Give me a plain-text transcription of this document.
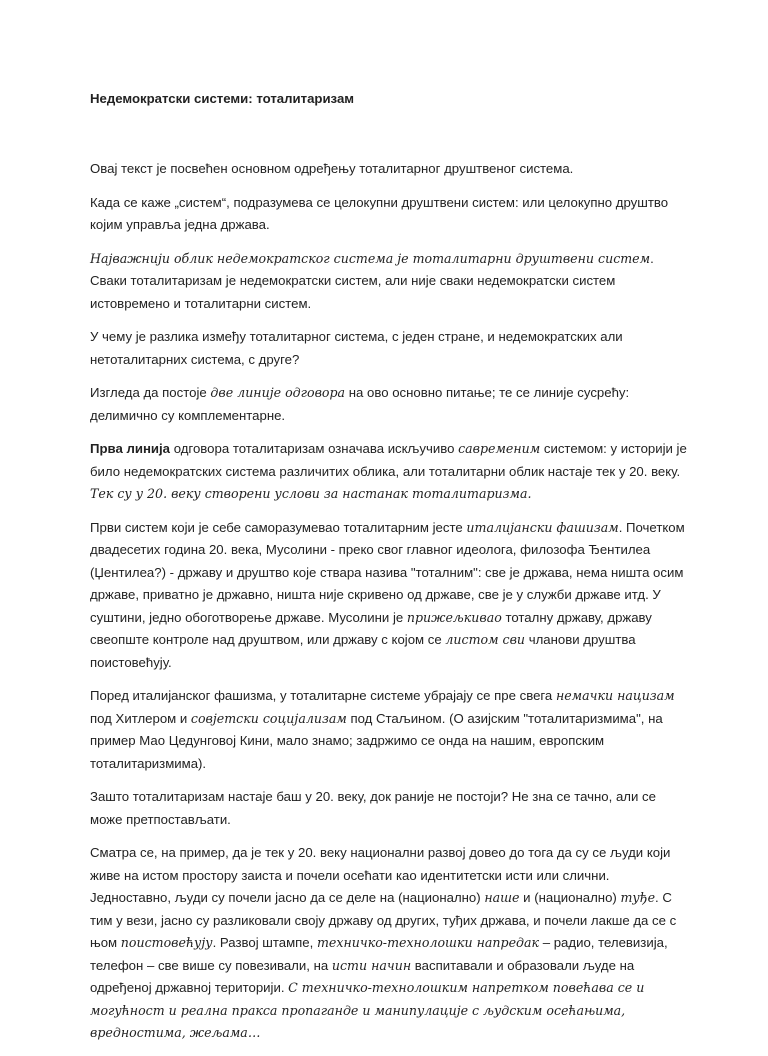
Недемократски системи: тоталитаризам

Овај текст је посвећен основном одређењу тоталитарног друштвеног система.

Када се каже „систем“, подразумева се целокупни друштвени систем: или целокупно друштво којим управља једна држава.

Најважнији облик недемократског система је тоталитарни друштвени систем. Сваки тоталитаризам је недемократски систем, али није сваки недемократски систем истовремено и тоталитарни систем.

У чему је разлика између тоталитарног система, с једен стране, и недемократских али нетоталитарних система, с друге?

Изгледа да постоје две линије одговора на ово основно питање; те се линије сусрећу: делимично су комплементарне.

Прва линија одговора тоталитаризам означава искључиво савременим системом: у историји је било недемократских система различитих облика, али тоталитарни облик настаје тек у 20. веку. Тек су у 20. веку створени услови за настанак тоталитаризма.

Први систем који је себе саморазумевао тоталитарним јесте италијански фашизам. Почетком двадесетих година 20. века, Мусолини - преко свог главног идеолога, филозофа Ђентилеа (Џентилеа?) - државу и друштво које ствара назива "тоталним": све је држава, нема ништа осим државе, приватно је државно, ништа није скривено од државе, све је у служби државе итд. У суштини, једно обоготворење државе. Мусолини је прижељкивао тоталну државу, државу свеопште контроле над друштвом, или државу с којом се листом сви чланови друштва поистовећују.

Поред италијанског фашизма, у тоталитарне системе убрајају се пре свега немачки нацизам под Хитлером и совјетски социјализам под Стаљином. (О азијским "тоталитаризмима", на пример Мао Цедунговој Кини, мало знамо; задржимо се онда на нашим, европским тоталитаризмима).

Зашто тоталитаризам настаје баш у 20. веку, док раније не постоји? Не зна се тачно, али се може претпостављати.

Сматра се, на пример, да је тек у 20. веку национални развој довео до тога да су се људи који живе на истом простору заиста и почели осећати као идентитетски исти или слични. Једноставно, људи су почели јасно да се деле на (национално) наше и (национално) туђе. С тим у вези, јасно су разликовали своју државу од других, туђих држава, и почели лакше да се с њом поистовећују. Развој штампе, техничко-технолошки напредак – радио, телевизија, телефон – све више су повезивали, на исти начин васпитавали и образовали људе на одређеној државној територији. С техничко-технолошким напретком повећава се и могућност и реална пракса пропаганде и манипулације с људским осећањима, вредностима, жељама…
